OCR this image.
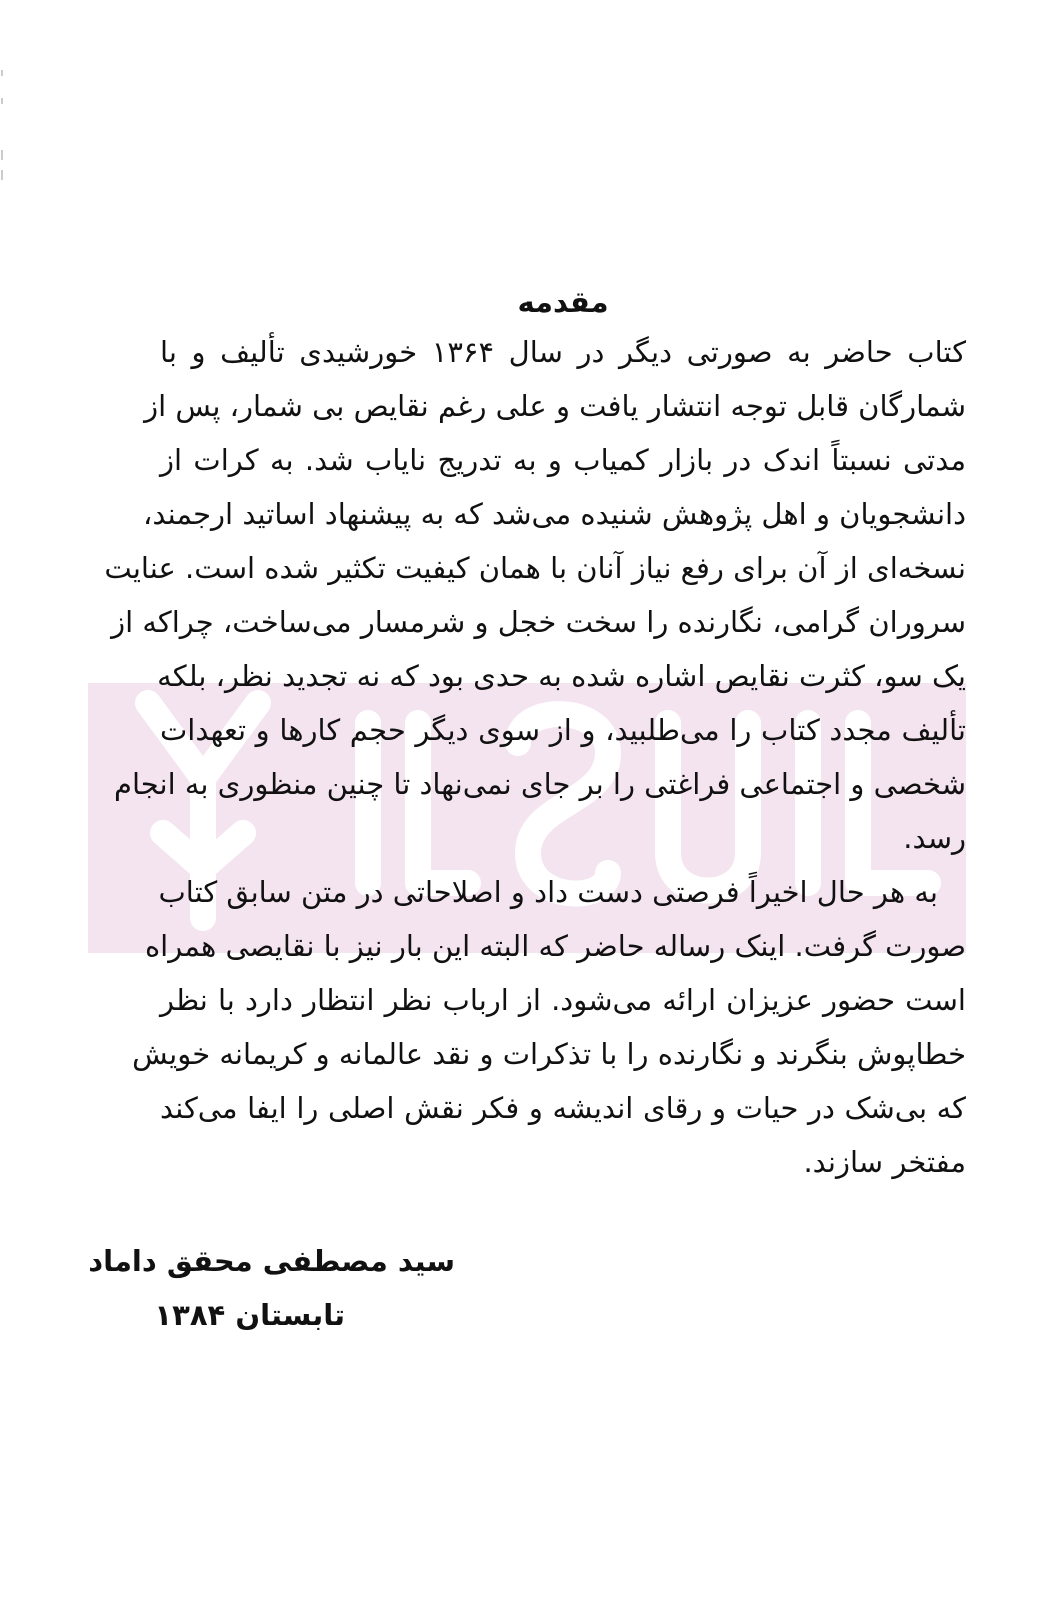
مقدمه
کتاب حاضر به صورتی دیگر در سال ۱۳۶۴ خورشیدی تألیف و با
شمارگان قابل توجه انتشار یافت و علی رغم نقایص بی شمار، پس از
مدتی نسبتاً اندک در بازار کمیاب و به تدریج نایاب شد. به کرات از
دانشجویان و اهل پژوهش شنیده می‌شد که به پیشنهاد اساتید ارجمند،
نسخه‌ای از آن برای رفع نیاز آنان با همان کیفیت تکثیر شده است. عنایت
سروران گرامی، نگارنده را سخت خجل و شرمسار می‌ساخت، چراکه از
یک سو، کثرت نقایص اشاره شده به حدی بود که نه تجدید نظر، بلکه
تألیف مجدد کتاب را می‌طلبید، و از سوی دیگر حجم کارها و تعهدات
شخصی و اجتماعی فراغتی را بر جای نمی‌نهاد تا چنین منظوری به انجام
رسد.
به هر حال اخیراً فرصتی دست داد و اصلاحاتی در متن سابق کتاب
صورت گرفت. اینک رساله حاضر که البته این بار نیز با نقایصی همراه
است حضور عزیزان ارائه می‌شود. از ارباب نظر انتظار دارد با نظر
خطاپوش بنگرند و نگارنده را با تذکرات و نقد عالمانه و کریمانه خویش
که بی‌شک در حیات و رقای اندیشه و فکر نقش اصلی را ایفا می‌کند
مفتخر سازند.
سید مصطفی محقق داماد
تابستان ۱۳۸۴
